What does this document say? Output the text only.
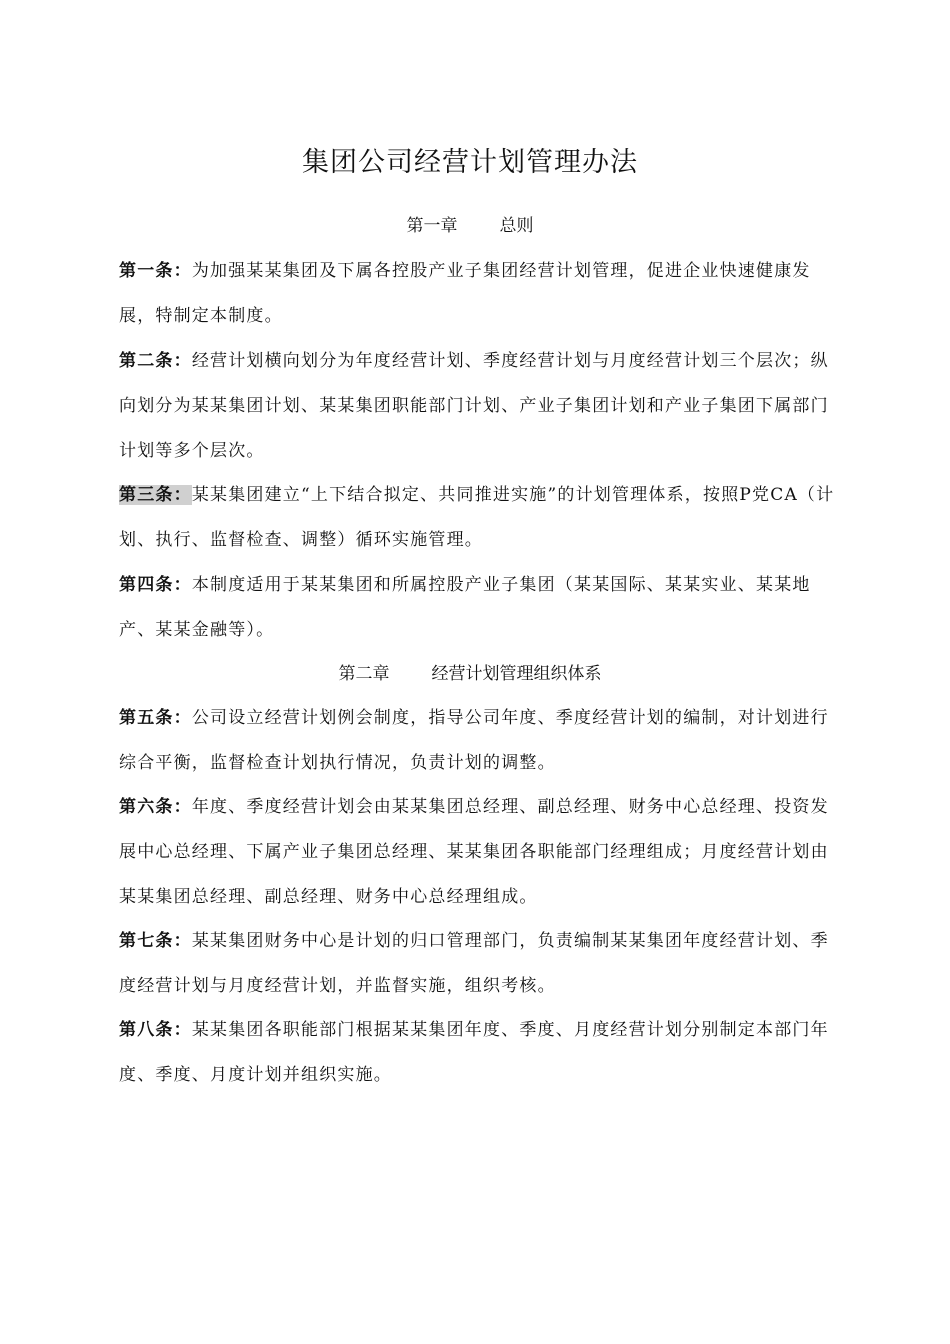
集团公司经营计划管理办法
第一章 总则

第一条：为加强某某集团及下属各控股产业子集团经营计划管理，促进企业快速健康发展，特制定本制度。

第二条：经营计划横向划分为年度经营计划、季度经营计划与月度经营计划三个层次；纵向划分为某某集团计划、某某集团职能部门计划、产业子集团计划和产业子集团下属部门计划等多个层次。

第三条：某某集团建立“上下结合拟定、共同推进实施”的计划管理体系，按照P党CA（计划、执行、监督检查、调整）循环实施管理。

第四条：本制度适用于某某集团和所属控股产业子集团（某某国际、某某实业、某某地产、某某金融等）。

第二章 经营计划管理组织体系

第五条：公司设立经营计划例会制度，指导公司年度、季度经营计划的编制，对计划进行综合平衡，监督检查计划执行情况，负责计划的调整。

第六条：年度、季度经营计划会由某某集团总经理、副总经理、财务中心总经理、投资发展中心总经理、下属产业子集团总经理、某某集团各职能部门经理组成；月度经营计划由某某集团总经理、副总经理、财务中心总经理组成。

第七条：某某集团财务中心是计划的归口管理部门，负责编制某某集团年度经营计划、季度经营计划与月度经营计划，并监督实施，组织考核。

第八条：某某集团各职能部门根据某某集团年度、季度、月度经营计划分别制定本部门年度、季度、月度计划并组织实施。
